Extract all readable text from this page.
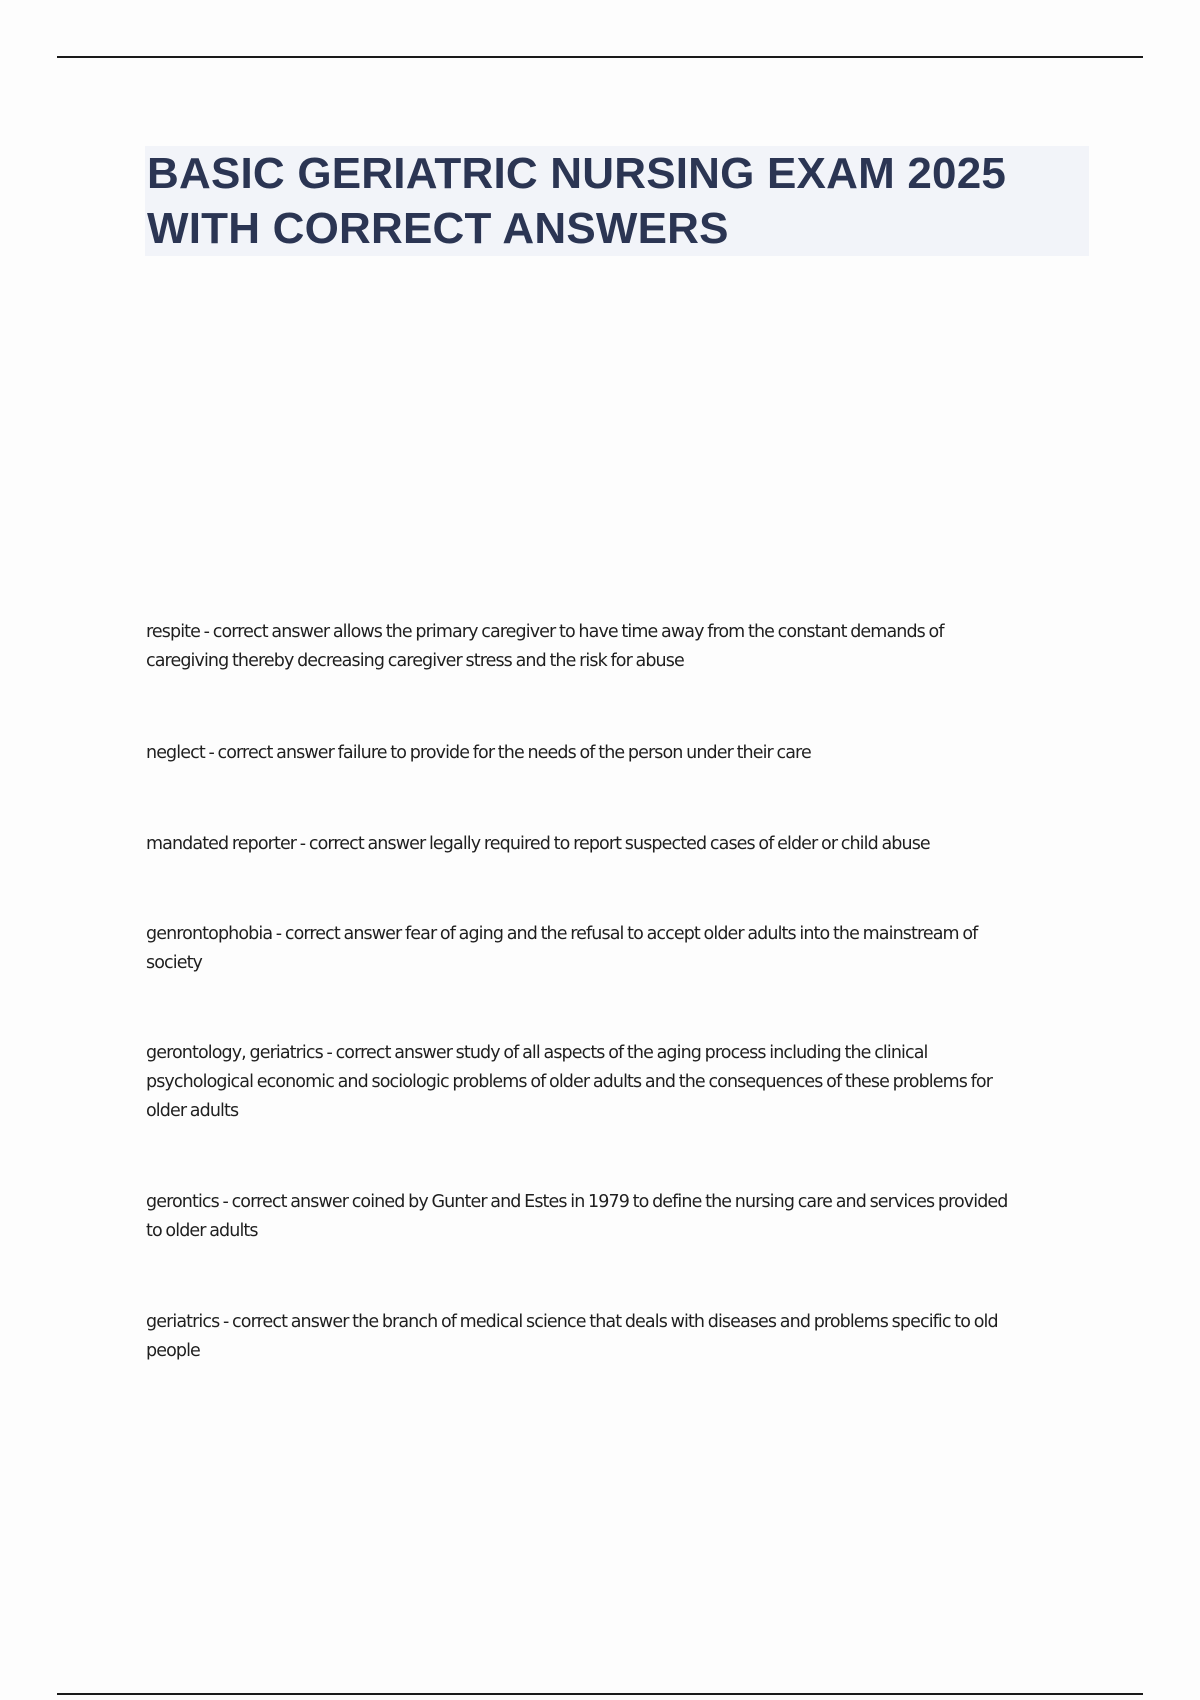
BASIC GERIATRIC NURSING EXAM 2025
WITH CORRECT ANSWERS
respite - correct answer allows the primary caregiver to have time away from the constant demands of
caregiving thereby decreasing caregiver stress and the risk for abuse
neglect - correct answer failure to provide for the needs of the person under their care
mandated reporter - correct answer legally required to report suspected cases of elder or child abuse
genrontophobia - correct answer fear of aging and the refusal to accept older adults into the mainstream of
society
gerontology, geriatrics - correct answer study of all aspects of the aging process including the clinical
psychological economic and sociologic problems of older adults and the consequences of these problems for
older adults
gerontics - correct answer coined by Gunter and Estes in 1979 to define the nursing care and services provided
to older adults
geriatrics - correct answer the branch of medical science that deals with diseases and problems specific to old
people
